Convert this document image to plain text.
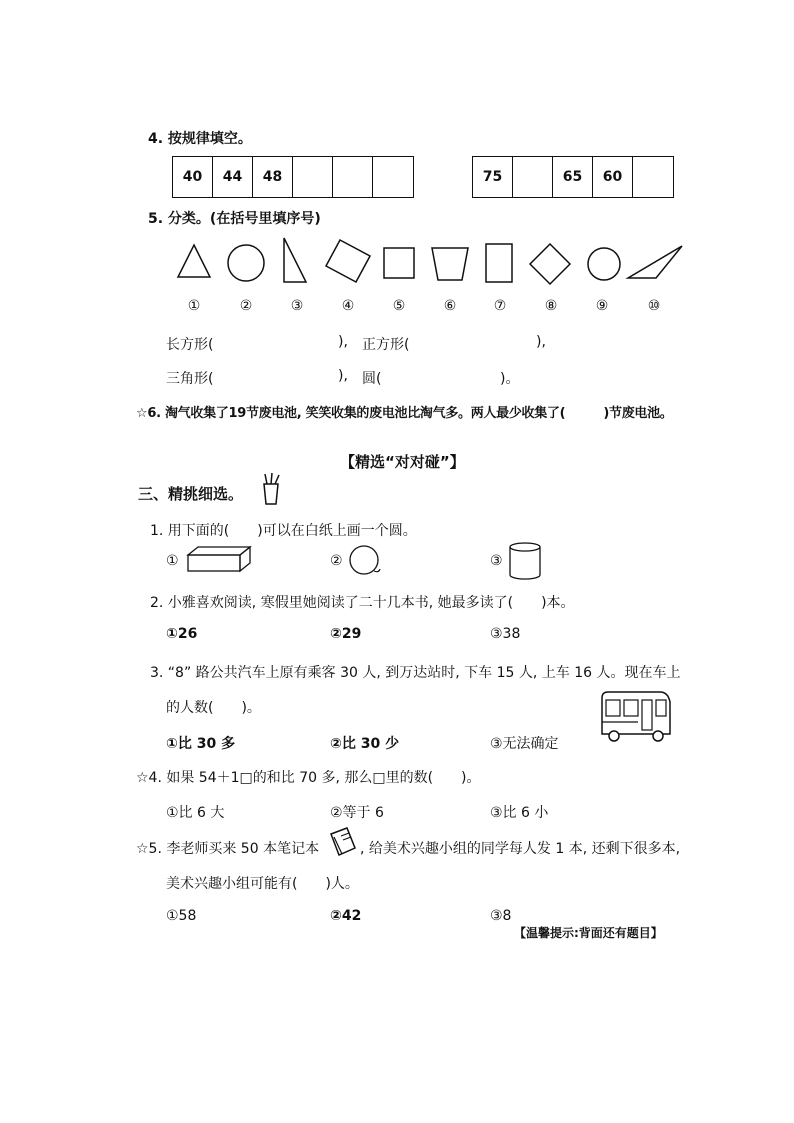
4. 按规律填空。
40	44	48	75	65	60
5. 分类。(在括号里填序号)
①	②	③	④	⑤	⑥	⑦	⑧	⑨	⑩
长方形(	), 正方形(	),
三角形(	), 圆(	)。
☆6. 淘气收集了19节废电池, 笑笑收集的废电池比淘气多。两人最少收集了(　　　)节废电池。
【精选“对对碰”】
三、精挑细选。
1. 用下面的(　　)可以在白纸上画一个圆。
①	②	③
2. 小雅喜欢阅读, 寒假里她阅读了二十几本书, 她最多读了(　　)本。
①26	②29	③38
3. “8” 路公共汽车上原有乘客 30 人, 到万达站时, 下车 15 人, 上车 16 人。现在车上
的人数(　　)。
①比 30 多	②比 30 少	③无法确定
☆4. 如果 54＋1□的和比 70 多, 那么□里的数(　　)。
①比 6 大	②等于 6	③比 6 小
☆5. 李老师买来 50 本笔记本	, 给美术兴趣小组的同学每人发 1 本, 还剩下很多本,
美术兴趣小组可能有(　　)人。
①58	②42	③8
【温馨提示:背面还有题目】
